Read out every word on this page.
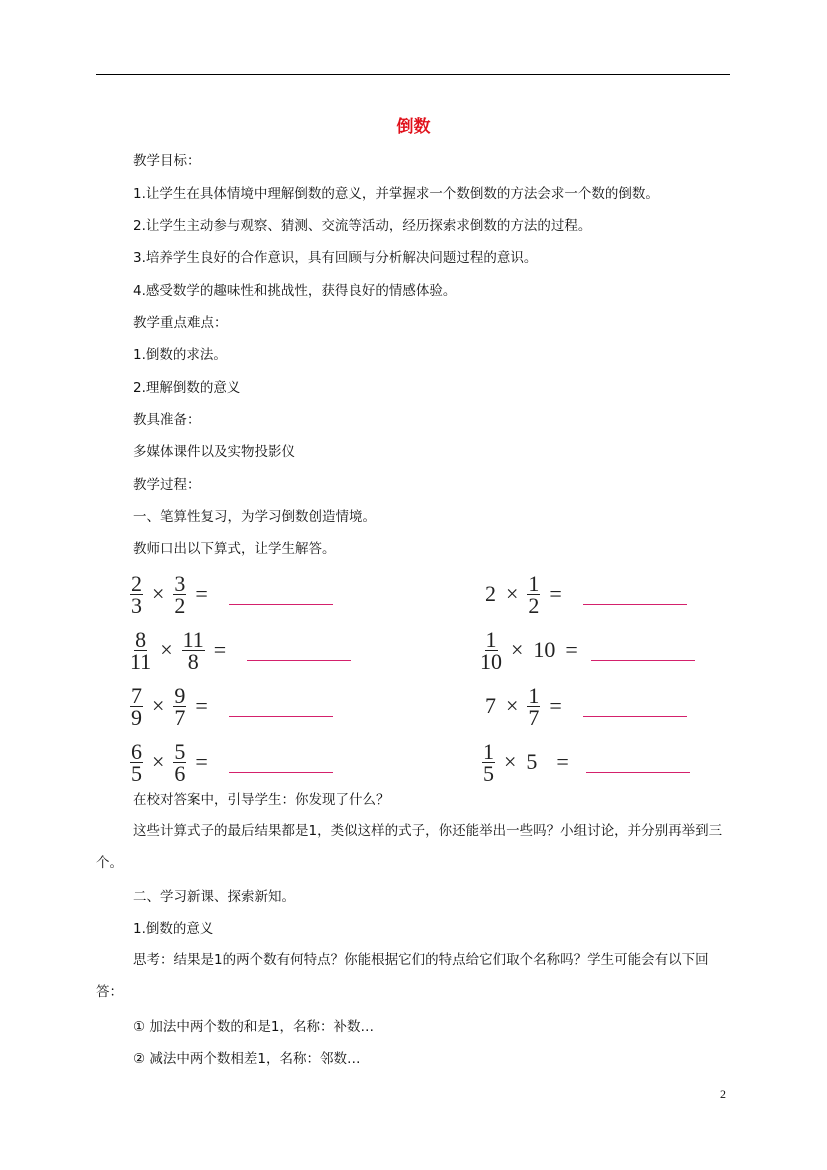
倒数
教学目标：
1.让学生在具体情境中理解倒数的意义，并掌握求一个数倒数的方法会求一个数的倒数。
2.让学生主动参与观察、猜测、交流等活动，经历探索求倒数的方法的过程。
3.培养学生良好的合作意识，具有回顾与分析解决问题过程的意识。
4.感受数学的趣味性和挑战性，获得良好的情感体验。
教学重点难点：
1.倒数的求法。
2.理解倒数的意义
教具准备：
多媒体课件以及实物投影仪
教学过程：
一、笔算性复习，为学习倒数创造情境。
教师口出以下算式，让学生解答。
$\frac{2}{3} \times \frac{3}{2}$ =
$\frac{8}{11} \times \frac{11}{8}$ =
$\frac{7}{9} \times \frac{9}{7}$ =
$\frac{6}{5} \times \frac{5}{6}$ =
$2 \times \frac{1}{2}$ =
$\frac{1}{10} \times 10$ =
$7 \times \frac{1}{7}$ =
$\frac{1}{5} \times 5$ =
在校对答案中，引导学生：你发现了什么？
这些计算式子的最后结果都是1，类似这样的式子，你还能举出一些吗？小组讨论，并分别再举到三个。
二、学习新课、探索新知。
1.倒数的意义
思考：结果是1的两个数有何特点？你能根据它们的特点给它们取个名称吗？学生可能会有以下回答：
① 加法中两个数的和是1，名称：补数…
② 减法中两个数相差1，名称：邻数…
2
